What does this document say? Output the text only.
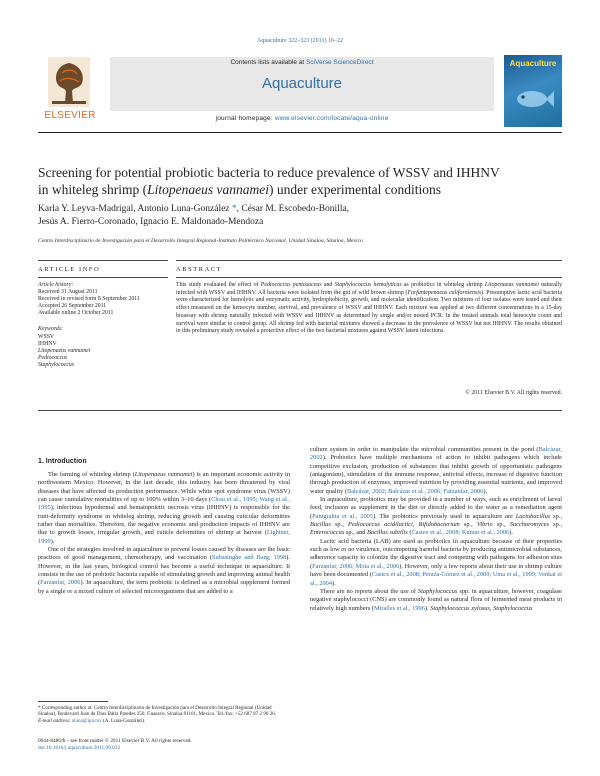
Aquaculture 322–323 (2011) 16–22
ELSEVIER
Contents lists available at SciVerse ScienceDirect
Aquaculture
journal homepage: www.elsevier.com/locate/aqua-online
Aquaculture
Screening for potential probiotic bacteria to reduce prevalence of WSSV and IHHNV
in whiteleg shrimp (Litopenaeus vannamei) under experimental conditions
Karla Y. Leyva-Madrigal, Antonio Luna-González *, César M. Escobedo-Bonilla,
Jesús A. Fierro-Coronado, Ignacio E. Maldonado-Mendoza
Centro Interdisciplinario de Investigación para el Desarrollo Integral Regional-Instituto Politécnico Nacional, Unidad Sinaloa, Sinaloa, Mexico
ARTICLE INFO	ABSTRACT
Article history:
Received 31 August 2011
Received in revised form 8 September 2011
Accepted 26 September 2011
Available online 2 October 2011
Keywords:
WSSV
IHHNV
Litopenaeus vannamei
Pediococcus
Staphylococcus
This study evaluated the effect of Pediococcus pentosaceus and Staphylococcus hemolyticus as probiotics in whiteleg shrimp Litopenaeus vannamei naturally infected with WSSV and IHHNV. All bacteria were isolated from the gut of wild brown shrimp (Farfantepenaeus californiensis). Presumptive lactic acid bacteria were characterized for hemolytic and enzymatic activity, hydrophobicity, growth, and molecular identification. Two mixtures of four isolates were tested and their effect measured on the hemocyte number, survival, and prevalence of WSSV and IHHNV. Each mixture was applied at two different concentrations in a 15-day bioassay with shrimp naturally infected with WSSV and IHHNV as determined by single and/or nested PCR. In the treated animals total hemocyte count and survival were similar to control group. All shrimp fed with bacterial mixtures showed a decrease in the prevalence of WSSV but not IHHNV. The results obtained in this preliminary study revealed a protective effect of the two bacterial mixtures against WSSV latent infections.
© 2011 Elsevier B.V. All rights reserved.
1. Introduction

The farming of whiteleg shrimp (Litopenaeus vannamei) is an important economic activity in northwestern Mexico. However, in the last decade, this industry has been threatened by viral diseases that have affected its production performance. While white spot syndrome virus (WSSV) can cause cumulative mortalities of up to 100% within 3–10 days (Chou et al., 1995; Wang et al., 1995), infectious hypodermal and hematopoietic necrosis virus (IHHNV) is responsible for the runt-deformity syndrome in whiteleg shrimp, reducing growth and causing cuticular deformities rather than mortalities. Therefore, the negative economic and production impacts of IHHNV are due to growth losses, irregular growth, and cuticle deformities of shrimp at harvest (Lightner, 1999).

One of the strategies involved in aquaculture to prevent losses caused by diseases are the basic practices of good management, chemotherapy, and vaccination (Subasinghe and Barg, 1998). However, in the last years, biological control has become a useful technique in aquaculture. It consists in the use of probiotic bacteria capable of stimulating growth and improving animal health (Farzanfar, 2006). In aquaculture, the term probiotic is defined as a microbial supplement formed by a single or a mixed culture of selected microorganisms that are added to a

culture system in order to manipulate the microbial communities present in the pond (Balcázar, 2002). Probiotics have multiple mechanisms of action to inhibit pathogens which include competitive exclusion, production of substances that inhibit growth of opportunistic pathogens (antagonism), stimulation of the immune response, antiviral effects, increase of digestive function through production of enzymes, improved nutrition by providing essential nutrients, and improved water quality (Balcázar, 2002; Balcázar et al., 2006; Farzanfar, 2006).

In aquaculture, probiotics may be provided in a number of ways, such as enrichment of larval feed, inclusion as supplement in the diet or directly added to the water as a remediation agent (Panigrahia et al., 2005). The probiotics previously used in aquaculture are Lactobacillus sp., Bacillus sp., Pediococcus acidilactici, Bifidobacterium sp., Vibrio sp., Saccharomyces sp., Enterococcus sp., and Bacillus subtilis (Castex et al., 2008; Kumar et al., 2006).

Lactic acid bacteria (LAB) are used as probiotics in aquaculture because of their properties such as low or no virulence, outcompeting harmful bacteria by producing antimicrobial substances, adherence capacity to colonize the digestive tract and competing with pathogens for adhesion sites (Farzanfar, 2006; Mota et al., 2006). However, only a few reports about their use in shrimp culture have been documented (Castex et al., 2008; Peraza-Gómez et al., 2009; Uma et al., 1999; Venkat et al., 2004).

There are no reports about the use of Staphylococcus spp. in aquaculture, however, coagulase negative staphylococci (CNS) are commonly found as natural flora of fermented meat products in relatively high numbers (Miralles et al., 1996). Staphylococcus xylosus, Staphylococcus

* Corresponding author at: Centro Interdisciplinario de Investigación para el Desarrollo Integral Regional (Unidad Sinaloa), Boulevard Juan de Dios Bátiz Paredes 250, Guasave, Sinaloa 81101, Mexico. Tel./fax: +52 687 87 2 96 26.
E-mail address: aluna@ipn.mx (A. Luna-González).
0044-8486/$ – see front matter © 2011 Elsevier B.V. All rights reserved.
doi:10.1016/j.aquaculture.2011.09.033
